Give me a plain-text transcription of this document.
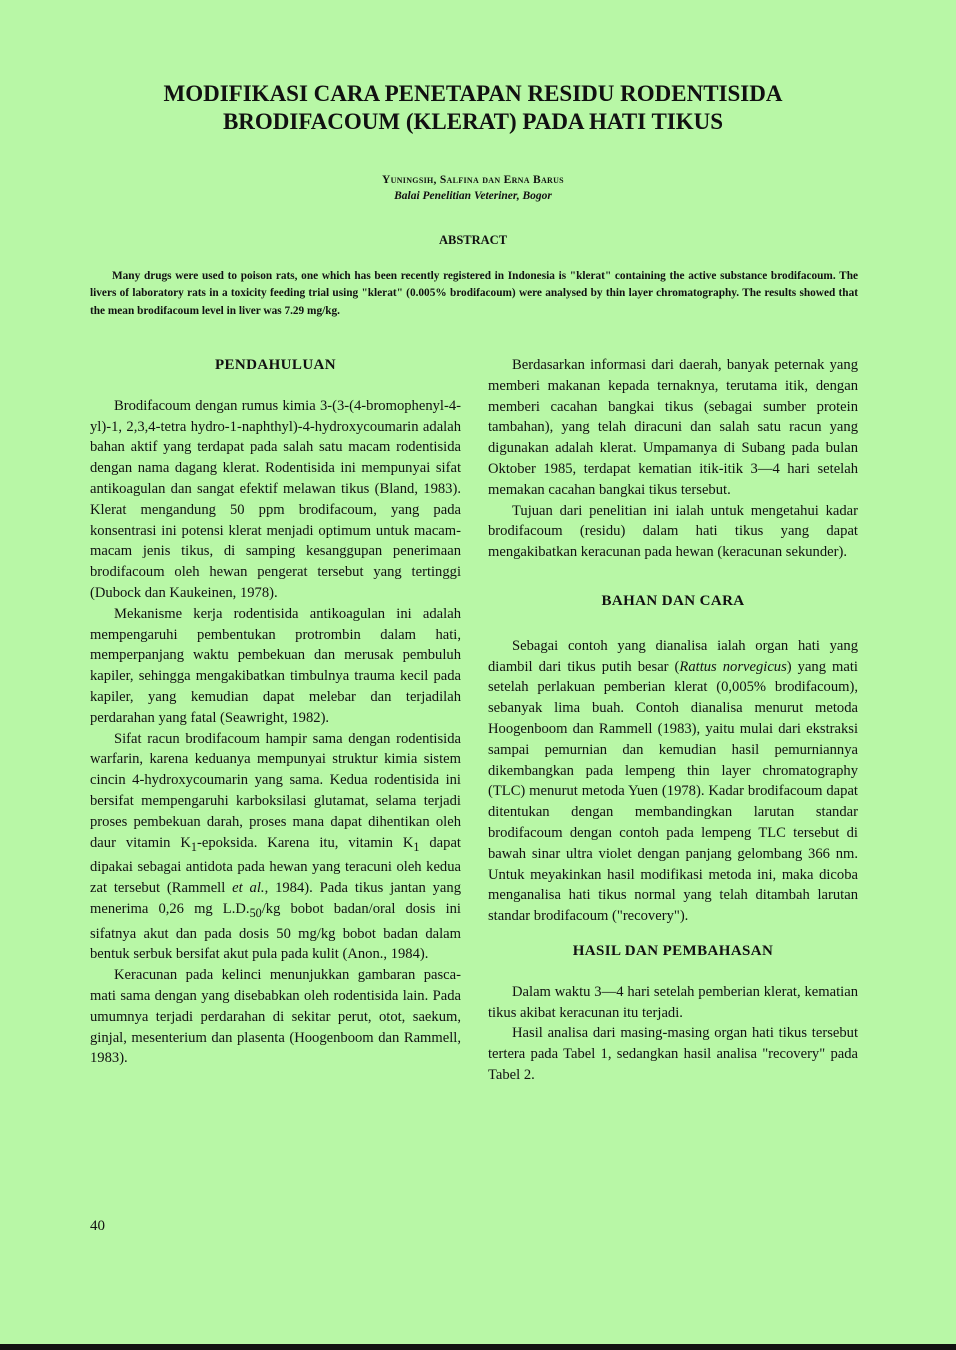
MODIFIKASI CARA PENETAPAN RESIDU RODENTISIDA
BRODIFACOUM (KLERAT) PADA HATI TIKUS
Yuningsih, Salfina dan Erna Barus
Balai Penelitian Veteriner, Bogor
ABSTRACT

Many drugs were used to poison rats, one which has been recently registered in Indonesia is "klerat" containing the active substance brodifacoum. The livers of laboratory rats in a toxicity feeding trial using "klerat" (0.005% brodifacoum) were analysed by thin layer chromatography. The results showed that the mean brodifacoum level in liver was 7.29 mg/kg.

PENDAHULUAN

Brodifacoum dengan rumus kimia 3-(3-(4-bromophenyl-4-yl)-1, 2,3,4-tetra hydro-1-naphthyl)-4-hydroxycoumarin adalah bahan aktif yang terdapat pada salah satu macam rodentisida dengan nama dagang klerat. Rodentisida ini mempunyai sifat antikoagulan dan sangat efektif melawan tikus (Bland, 1983). Klerat mengandung 50 ppm brodifacoum, yang pada konsentrasi ini potensi klerat menjadi optimum untuk macam-macam jenis tikus, di samping kesanggupan penerimaan brodifacoum oleh hewan pengerat tersebut yang tertinggi (Dubock dan Kaukeinen, 1978).

Mekanisme kerja rodentisida antikoagulan ini adalah mempengaruhi pembentukan protrombin dalam hati, memperpanjang waktu pembekuan dan merusak pembuluh kapiler, sehingga mengakibatkan timbulnya trauma kecil pada kapiler, yang kemudian dapat melebar dan terjadilah perdarahan yang fatal (Seawright, 1982).

Sifat racun brodifacoum hampir sama dengan rodentisida warfarin, karena keduanya mempunyai struktur kimia sistem cincin 4-hydroxycoumarin yang sama. Kedua rodentisida ini bersifat mempengaruhi karboksilasi glutamat, selama terjadi proses pembekuan darah, proses mana dapat dihentikan oleh daur vitamin $K_1$-epoksida. Karena itu, vitamin $K_1$ dapat dipakai sebagai antidota pada hewan yang teracuni oleh kedua zat tersebut (Rammell et al., 1984). Pada tikus jantan yang menerima 0,26 mg $L.D._{50}/kg$ bobot badan/oral dosis ini sifatnya akut dan pada dosis 50 mg/kg bobot badan dalam bentuk serbuk bersifat akut pula pada kulit (Anon., 1984).

Keracunan pada kelinci menunjukkan gambaran pasca-mati sama dengan yang disebabkan oleh rodentisida lain. Pada umumnya terjadi perdarahan di sekitar perut, otot, saekum, ginjal, mesenterium dan plasenta (Hoogenboom dan Rammell, 1983).

Berdasarkan informasi dari daerah, banyak peternak yang memberi makanan kepada ternaknya, terutama itik, dengan memberi cacahan bangkai tikus (sebagai sumber protein tambahan), yang telah diracuni dan salah satu racun yang digunakan adalah klerat. Umpamanya di Subang pada bulan Oktober 1985, terdapat kematian itik-itik 3—4 hari setelah memakan cacahan bangkai tikus tersebut.

Tujuan dari penelitian ini ialah untuk mengetahui kadar brodifacoum (residu) dalam hati tikus yang dapat mengakibatkan keracunan pada hewan (keracunan sekunder).

BAHAN DAN CARA

Sebagai contoh yang dianalisa ialah organ hati yang diambil dari tikus putih besar (Rattus norvegicus) yang mati setelah perlakuan pemberian klerat (0,005% brodifacoum), sebanyak lima buah. Contoh dianalisa menurut metoda Hoogenboom dan Rammell (1983), yaitu mulai dari ekstraksi sampai pemurnian dan kemudian hasil pemurniannya dikembangkan pada lempeng thin layer chromatography (TLC) menurut metoda Yuen (1978). Kadar brodifacoum dapat ditentukan dengan membandingkan larutan standar brodifacoum dengan contoh pada lempeng TLC tersebut di bawah sinar ultra violet dengan panjang gelombang 366 nm. Untuk meyakinkan hasil modifikasi metoda ini, maka dicoba menganalisa hati tikus normal yang telah ditambah larutan standar brodifacoum ("recovery").

HASIL DAN PEMBAHASAN

Dalam waktu 3—4 hari setelah pemberian klerat, kematian tikus akibat keracunan itu terjadi.

Hasil analisa dari masing-masing organ hati tikus tersebut tertera pada Tabel 1, sedangkan hasil analisa "recovery" pada Tabel 2.

40
